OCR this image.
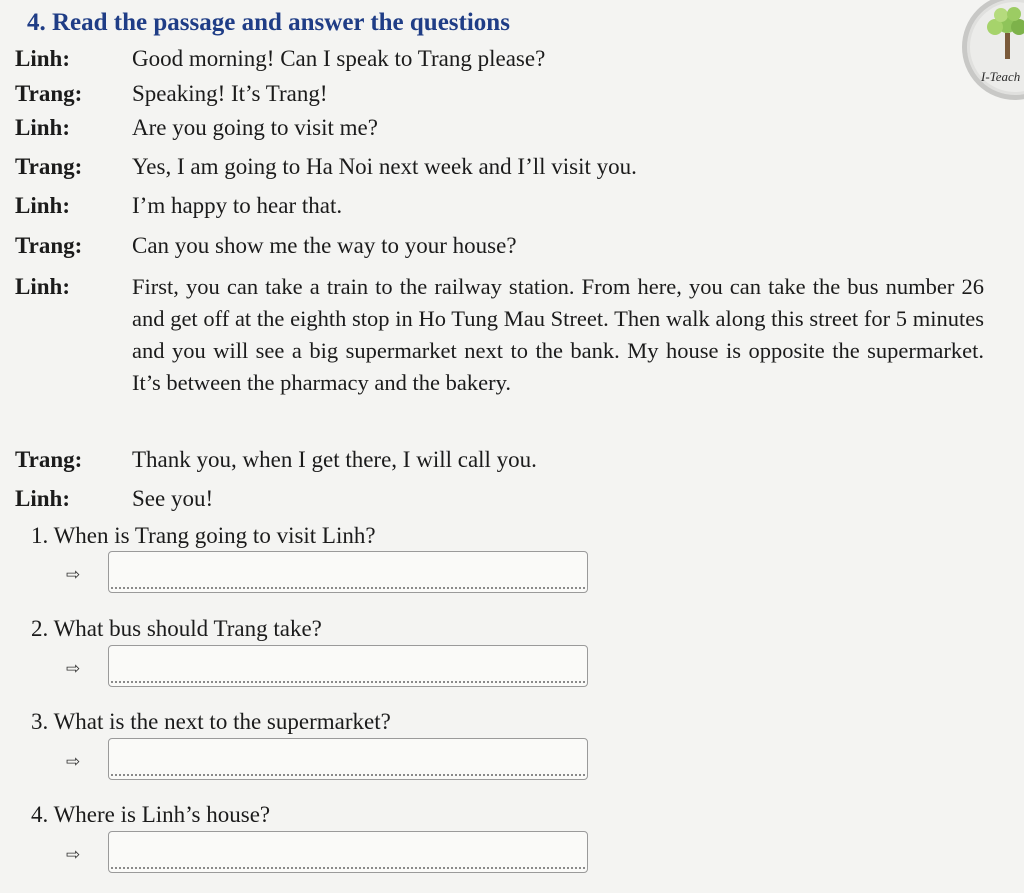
4. Read the passage and answer the questions
I-Teach
Linh:	Good morning! Can I speak to Trang please?
Trang: Speaking! It’s Trang!
Linh:	Are you going to visit me?
Trang: Yes, I am going to Ha Noi next week and I’ll visit you.
Linh:	I’m happy to hear that.
Trang: Can you show me the way to your house?
Linh:	First, you can take a train to the railway station. From here, you can take the bus number 26 and get off at the eighth stop in Ho Tung Mau Street. Then walk along this street for 5 minutes and you will see a big supermarket next to the bank. My house is opposite the supermarket. It’s between the pharmacy and the bakery.
Trang: Thank you, when I get there, I will call you.
Linh:	See you!
1. When is Trang going to visit Linh?
⇨
2. What bus should Trang take?
⇨
3. What is the next to the supermarket?
⇨
4. Where is Linh’s house?
⇨
